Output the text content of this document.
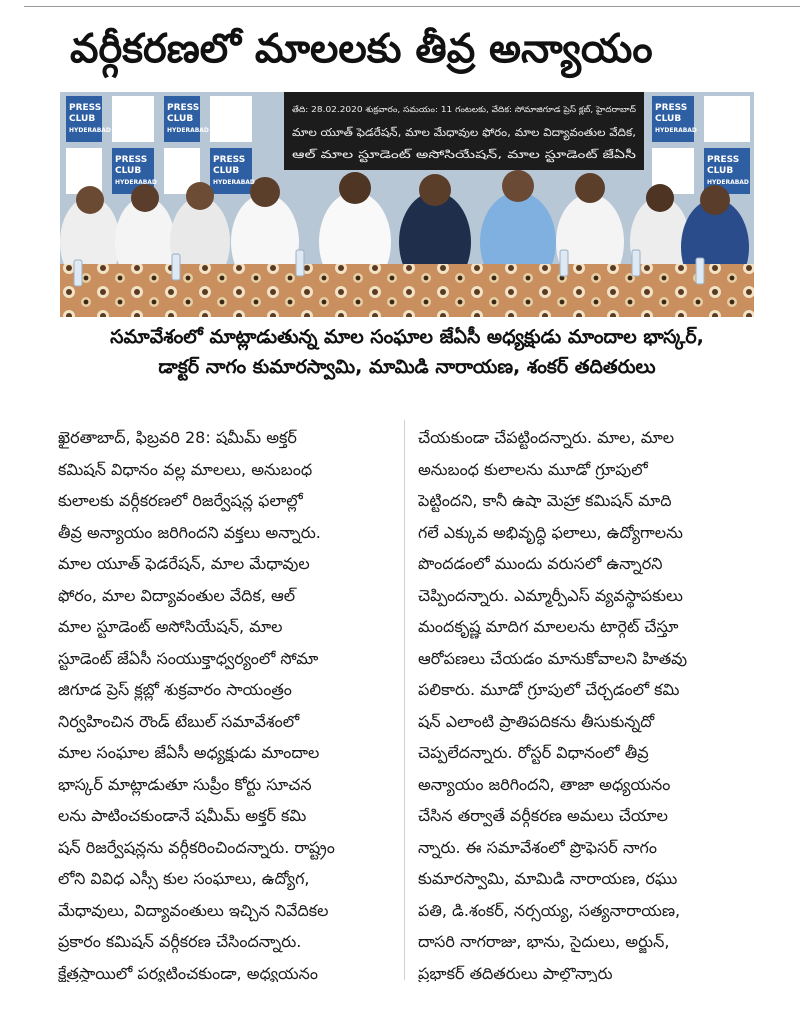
వర్గీకరణలో మాలలకు తీవ్ర అన్యాయం
తేది: 28.02.2020 శుక్రవారం, సమయం: 11 గంటలకు, వేదిక: సోమాజిగూడ ప్రెస్ క్లబ్, హైదరాబాద్
మాల యూత్ ఫెడరేషన్, మాల మేధావుల ఫోరం, మాల విద్యావంతుల వేదిక,
ఆల్ మాల స్టూడెంట్ అసోసియేషన్, మాల స్టూడెంట్ జేఏసీ
PRESS
CLUB
HYDERABAD
PRESS
CLUB
HYDERABAD
PRESS
CLUB
HYDERABAD
PRESS
CLUB
HYDERABAD
PRESS
CLUB
HYDERABAD
PRESS
CLUB
HYDERABAD
సమావేశంలో మాట్లాడుతున్న మాల సంఘాల జేఏసీ అధ్యక్షుడు మాందాల భాస్కర్,
డాక్టర్ నాగం కుమారస్వామి, మామిడి నారాయణ, శంకర్ తదితరులు
ఖైరతాబాద్, ఫిబ్రవరి 28: షమీమ్ అక్తర్
కమిషన్ విధానం వల్ల మాలలు, అనుబంధ
కులాలకు వర్గీకరణలో రిజర్వేషన్ల ఫలాల్లో
తీవ్ర అన్యాయం జరిగిందని వక్తలు అన్నారు.
మాల యూత్ ఫెడరేషన్, మాల మేధావుల
ఫోరం, మాల విద్యావంతుల వేదిక, ఆల్
మాల స్టూడెంట్ అసోసియేషన్, మాల
స్టూడెంట్ జేఏసీ సంయుక్తాధ్వర్యంలో సోమా
జిగూడ ప్రెస్ క్లబ్లో శుక్రవారం సాయంత్రం
నిర్వహించిన రౌండ్ టేబుల్ సమావేశంలో
మాల సంఘాల జేఏసీ అధ్యక్షుడు మాందాల
భాస్కర్ మాట్లాడుతూ సుప్రీం కోర్టు సూచన
లను పాటించకుండానే షమీమ్ అక్తర్ కమి
షన్ రిజర్వేషన్లను వర్గీకరించిందన్నారు. రాష్ట్రం
లోని వివిధ ఎస్సీ కుల సంఘాలు, ఉద్యోగ,
మేధావులు, విద్యావంతులు ఇచ్చిన నివేదికల
ప్రకారం కమిషన్ వర్గీకరణ చేసిందన్నారు.
క్షేత్రస్థాయిలో పర్యటించకుండా, అధ్యయనం
చేయకుండా చేపట్టిందన్నారు. మాల, మాల
అనుబంధ కులాలను మూడో గ్రూపులో
పెట్టిందని, కానీ ఉషా మెహ్రా కమిషన్ మాది
గలే ఎక్కువ అభివృద్ధి ఫలాలు, ఉద్యోగాలను
పొందడంలో ముందు వరుసలో ఉన్నారని
చెప్పిందన్నారు. ఎమ్మార్పీఎస్ వ్యవస్థాపకులు
మందకృష్ణ మాదిగ మాలలను టార్గెట్ చేస్తూ
ఆరోపణలు చేయడం మానుకోవాలని హితవు
పలికారు. మూడో గ్రూపులో చేర్చడంలో కమి
షన్ ఎలాంటి ప్రాతిపదికను తీసుకున్నదో
చెప్పలేదన్నారు. రోస్టర్ విధానంలో తీవ్ర
అన్యాయం జరిగిందని, తాజా అధ్యయనం
చేసిన తర్వాతే వర్గీకరణ అమలు చేయాల
న్నారు. ఈ సమావేశంలో ప్రొఫెసర్ నాగం
కుమారస్వామి, మామిడి నారాయణ, రఘు
పతి, డి.శంకర్, నర్సయ్య, సత్యనారాయణ,
దాసరి నాగరాజు, భాను, సైదులు, అర్జున్,
ప్రభాకర్ తదితరులు పాల్గొన్నారు
